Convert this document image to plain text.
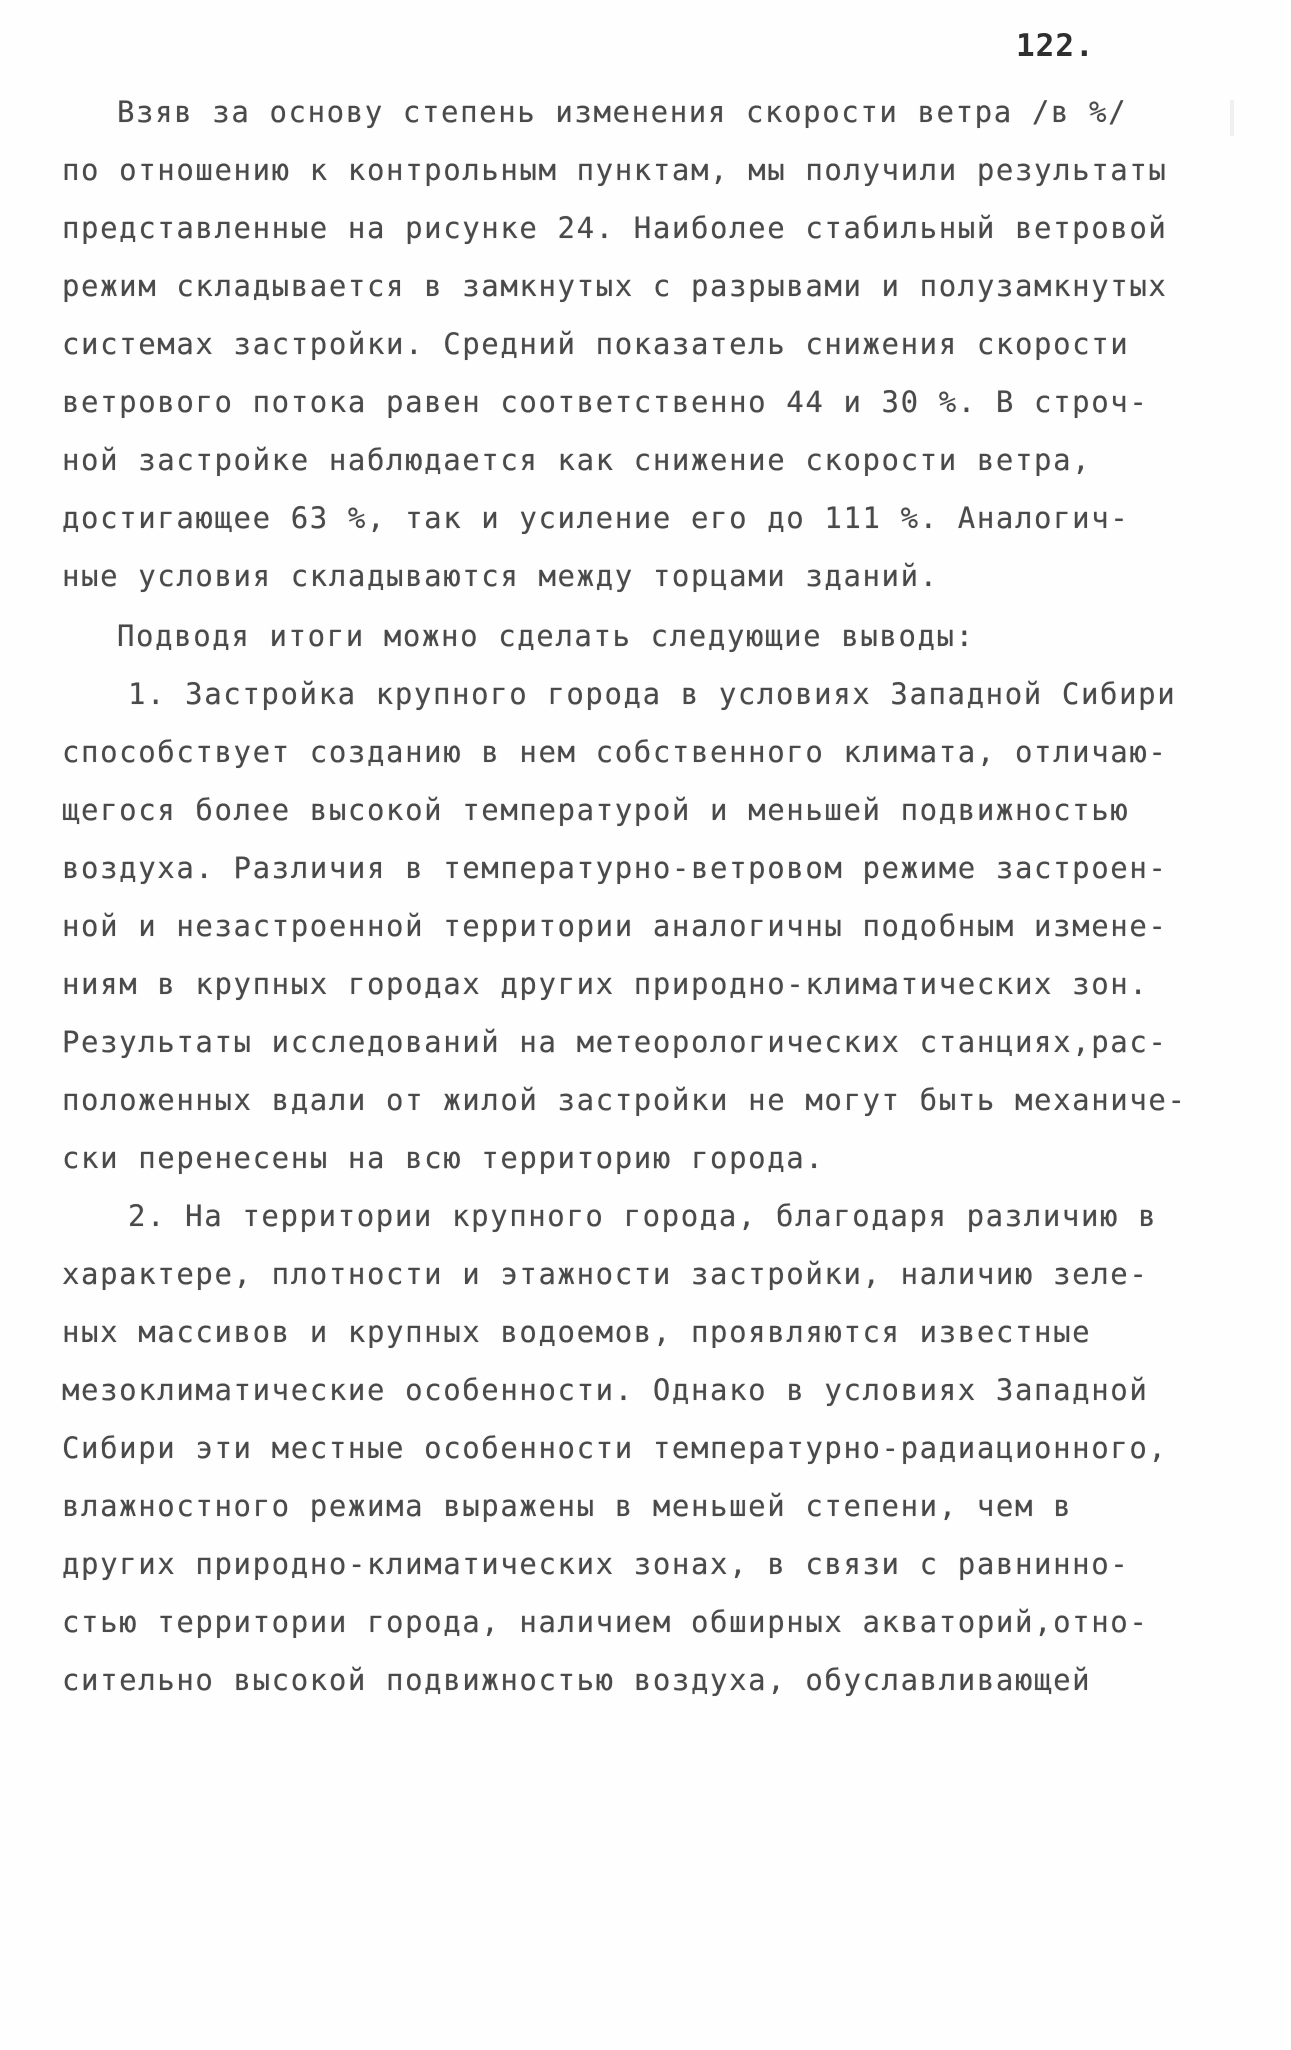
122.
Взяв за основу степень изменения скорости ветра /в %/
по отношению к контрольным пунктам, мы получили результаты
представленные на рисунке 24. Наиболее стабильный ветровой
режим складывается в замкнутых с разрывами и полузамкнутых
системах застройки. Средний показатель снижения скорости
ветрового потока равен соответственно 44 и 30 %. В строч-
ной застройке наблюдается как снижение скорости ветра,
достигающее 63 %, так и усиление его до 111 %. Аналогич-
ные условия складываются между торцами зданий.
Подводя итоги можно сделать следующие выводы:
1. Застройка крупного города в условиях Западной Сибири
способствует созданию в нем собственного климата, отличаю-
щегося более высокой температурой и меньшей подвижностью
воздуха. Различия в температурно-ветровом режиме застроен-
ной и незастроенной территории аналогичны подобным измене-
ниям в крупных городах других природно-климатических зон.
Результаты исследований на метеорологических станциях,рас-
положенных вдали от жилой застройки не могут быть механиче-
ски перенесены на всю территорию города.
2. На территории крупного города, благодаря различию в
характере, плотности и этажности застройки, наличию зеле-
ных массивов и крупных водоемов, проявляются известные
мезоклиматические особенности. Однако в условиях Западной
Сибири эти местные особенности температурно-радиационного,
влажностного режима выражены в меньшей степени, чем в
других природно-климатических зонах, в связи с равнинно-
стью территории города, наличием обширных акваторий,отно-
сительно высокой подвижностью воздуха, обуславливающей
